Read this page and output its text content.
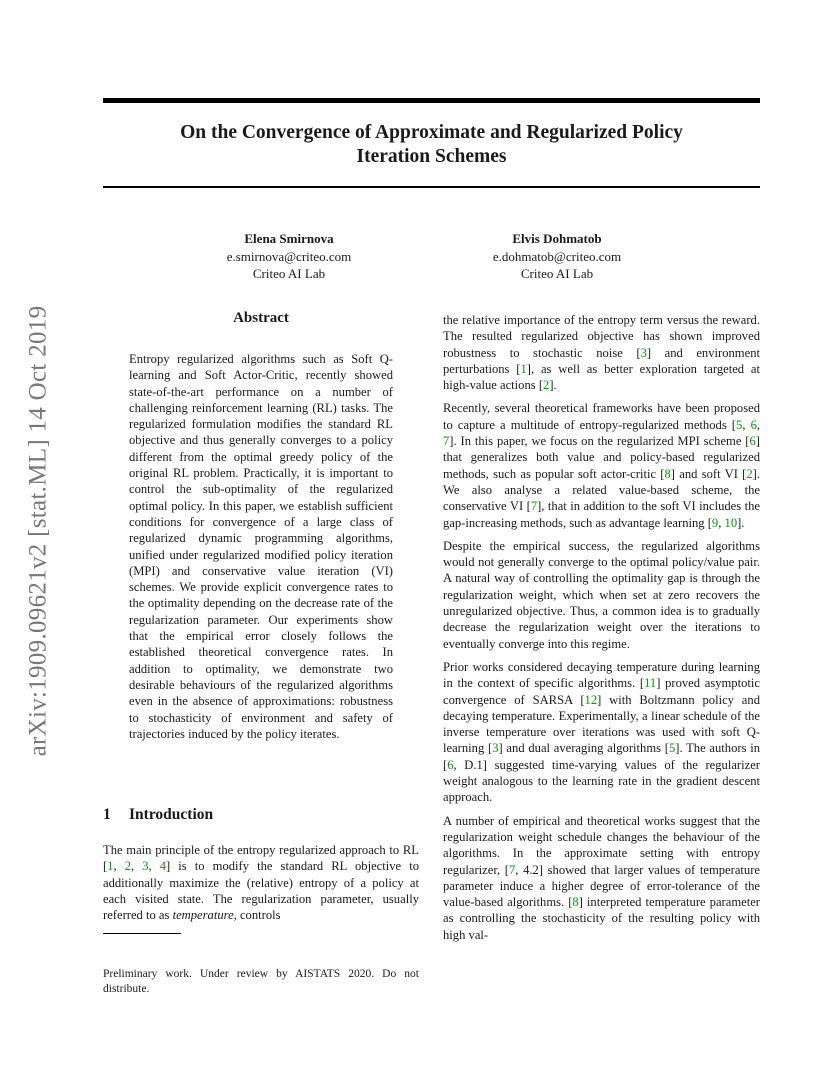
arXiv:1909.09621v2 [stat.ML] 14 Oct 2019
On the Convergence of Approximate and Regularized Policy
Iteration Schemes
Elena Smirnova
e.smirnova@criteo.com
Criteo AI Lab
Elvis Dohmatob
e.dohmatob@criteo.com
Criteo AI Lab
Abstract

Entropy regularized algorithms such as Soft Q-learning and Soft Actor-Critic, recently showed state-of-the-art performance on a number of challenging reinforcement learning (RL) tasks. The regularized formulation modifies the standard RL objective and thus generally converges to a policy different from the optimal greedy policy of the original RL problem. Practically, it is important to control the sub-optimality of the regularized optimal policy. In this paper, we establish sufficient conditions for convergence of a large class of regularized dynamic programming algorithms, unified under regularized modified policy iteration (MPI) and conservative value iteration (VI) schemes. We provide explicit convergence rates to the optimality depending on the decrease rate of the regularization parameter. Our experiments show that the empirical error closely follows the established theoretical convergence rates. In addition to optimality, we demonstrate two desirable behaviours of the regularized algorithms even in the absence of approximations: robustness to stochasticity of environment and safety of trajectories induced by the policy iterates.

1 Introduction

The main principle of the entropy regularized approach to RL [1, 2, 3, 4] is to modify the standard RL objective to additionally maximize the (relative) entropy of a policy at each visited state. The regularization parameter, usually referred to as temperature, controls

Preliminary work. Under review by AISTATS 2020. Do not distribute.

the relative importance of the entropy term versus the reward. The resulted regularized objective has shown improved robustness to stochastic noise [3] and environment perturbations [1], as well as better exploration targeted at high-value actions [2].

Recently, several theoretical frameworks have been proposed to capture a multitude of entropy-regularized methods [5, 6, 7]. In this paper, we focus on the regularized MPI scheme [6] that generalizes both value and policy-based regularized methods, such as popular soft actor-critic [8] and soft VI [2]. We also analyse a related value-based scheme, the conservative VI [7], that in addition to the soft VI includes the gap-increasing methods, such as advantage learning [9, 10].

Despite the empirical success, the regularized algorithms would not generally converge to the optimal policy/value pair. A natural way of controlling the optimality gap is through the regularization weight, which when set at zero recovers the unregularized objective. Thus, a common idea is to gradually decrease the regularization weight over the iterations to eventually converge into this regime.

Prior works considered decaying temperature during learning in the context of specific algorithms. [11] proved asymptotic convergence of SARSA [12] with Boltzmann policy and decaying temperature. Experimentally, a linear schedule of the inverse temperature over iterations was used with soft Q-learning [3] and dual averaging algorithms [5]. The authors in [6, D.1] suggested time-varying values of the regularizer weight analogous to the learning rate in the gradient descent approach.

A number of empirical and theoretical works suggest that the regularization weight schedule changes the behaviour of the algorithms. In the approximate setting with entropy regularizer, [7, 4.2] showed that larger values of temperature parameter induce a higher degree of error-tolerance of the value-based algorithms. [8] interpreted temperature parameter as controlling the stochasticity of the resulting policy with high val-
